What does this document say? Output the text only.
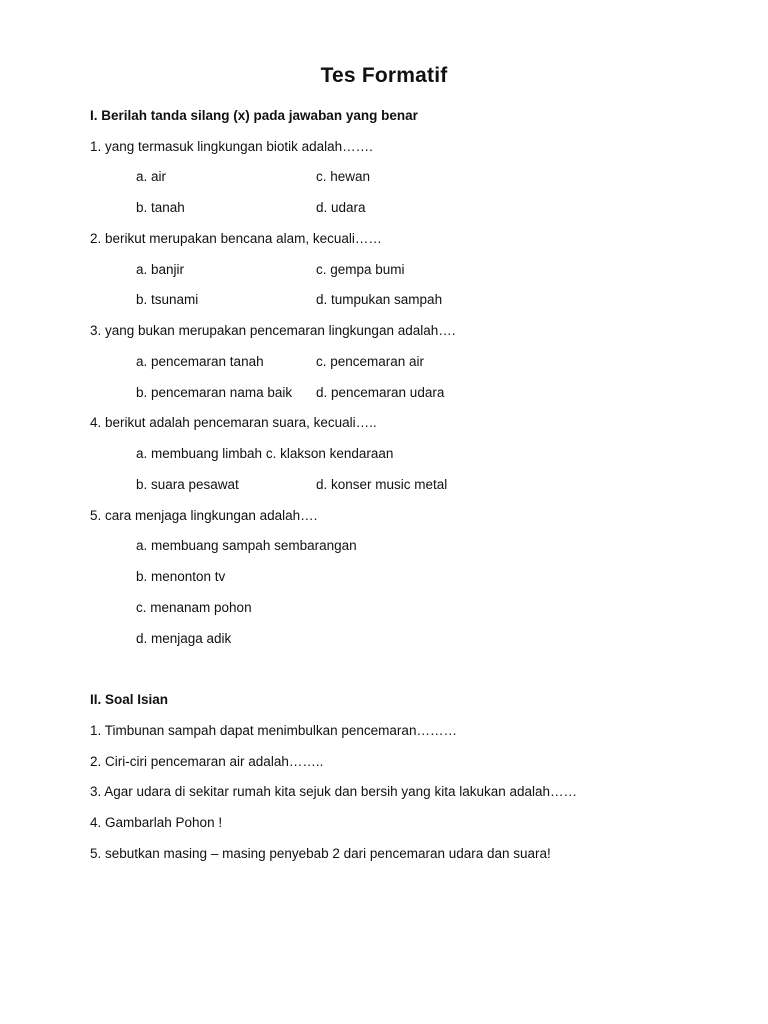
Tes Formatif
I. Berilah tanda silang (x) pada jawaban yang benar
1. yang termasuk lingkungan biotik adalah…….
a. air	c. hewan
b. tanah	d. udara
2. berikut merupakan bencana alam, kecuali……
a. banjir	c. gempa bumi
b. tsunami	d. tumpukan sampah
3. yang bukan merupakan pencemaran lingkungan adalah….
a. pencemaran tanah	c. pencemaran air
b. pencemaran nama baik d. pencemaran udara
4. berikut adalah pencemaran suara, kecuali…..
a. membuang limbah c. klakson kendaraan
b. suara pesawat	d. konser music metal
5. cara menjaga lingkungan adalah….
a. membuang sampah sembarangan
b. menonton tv
c. menanam pohon
d. menjaga adik
II. Soal Isian
1. Timbunan sampah dapat menimbulkan pencemaran………
2. Ciri-ciri pencemaran air adalah……..
3. Agar udara di sekitar rumah kita sejuk dan bersih yang kita lakukan adalah……
4. Gambarlah Pohon !
5. sebutkan masing – masing penyebab 2 dari pencemaran udara dan suara!
